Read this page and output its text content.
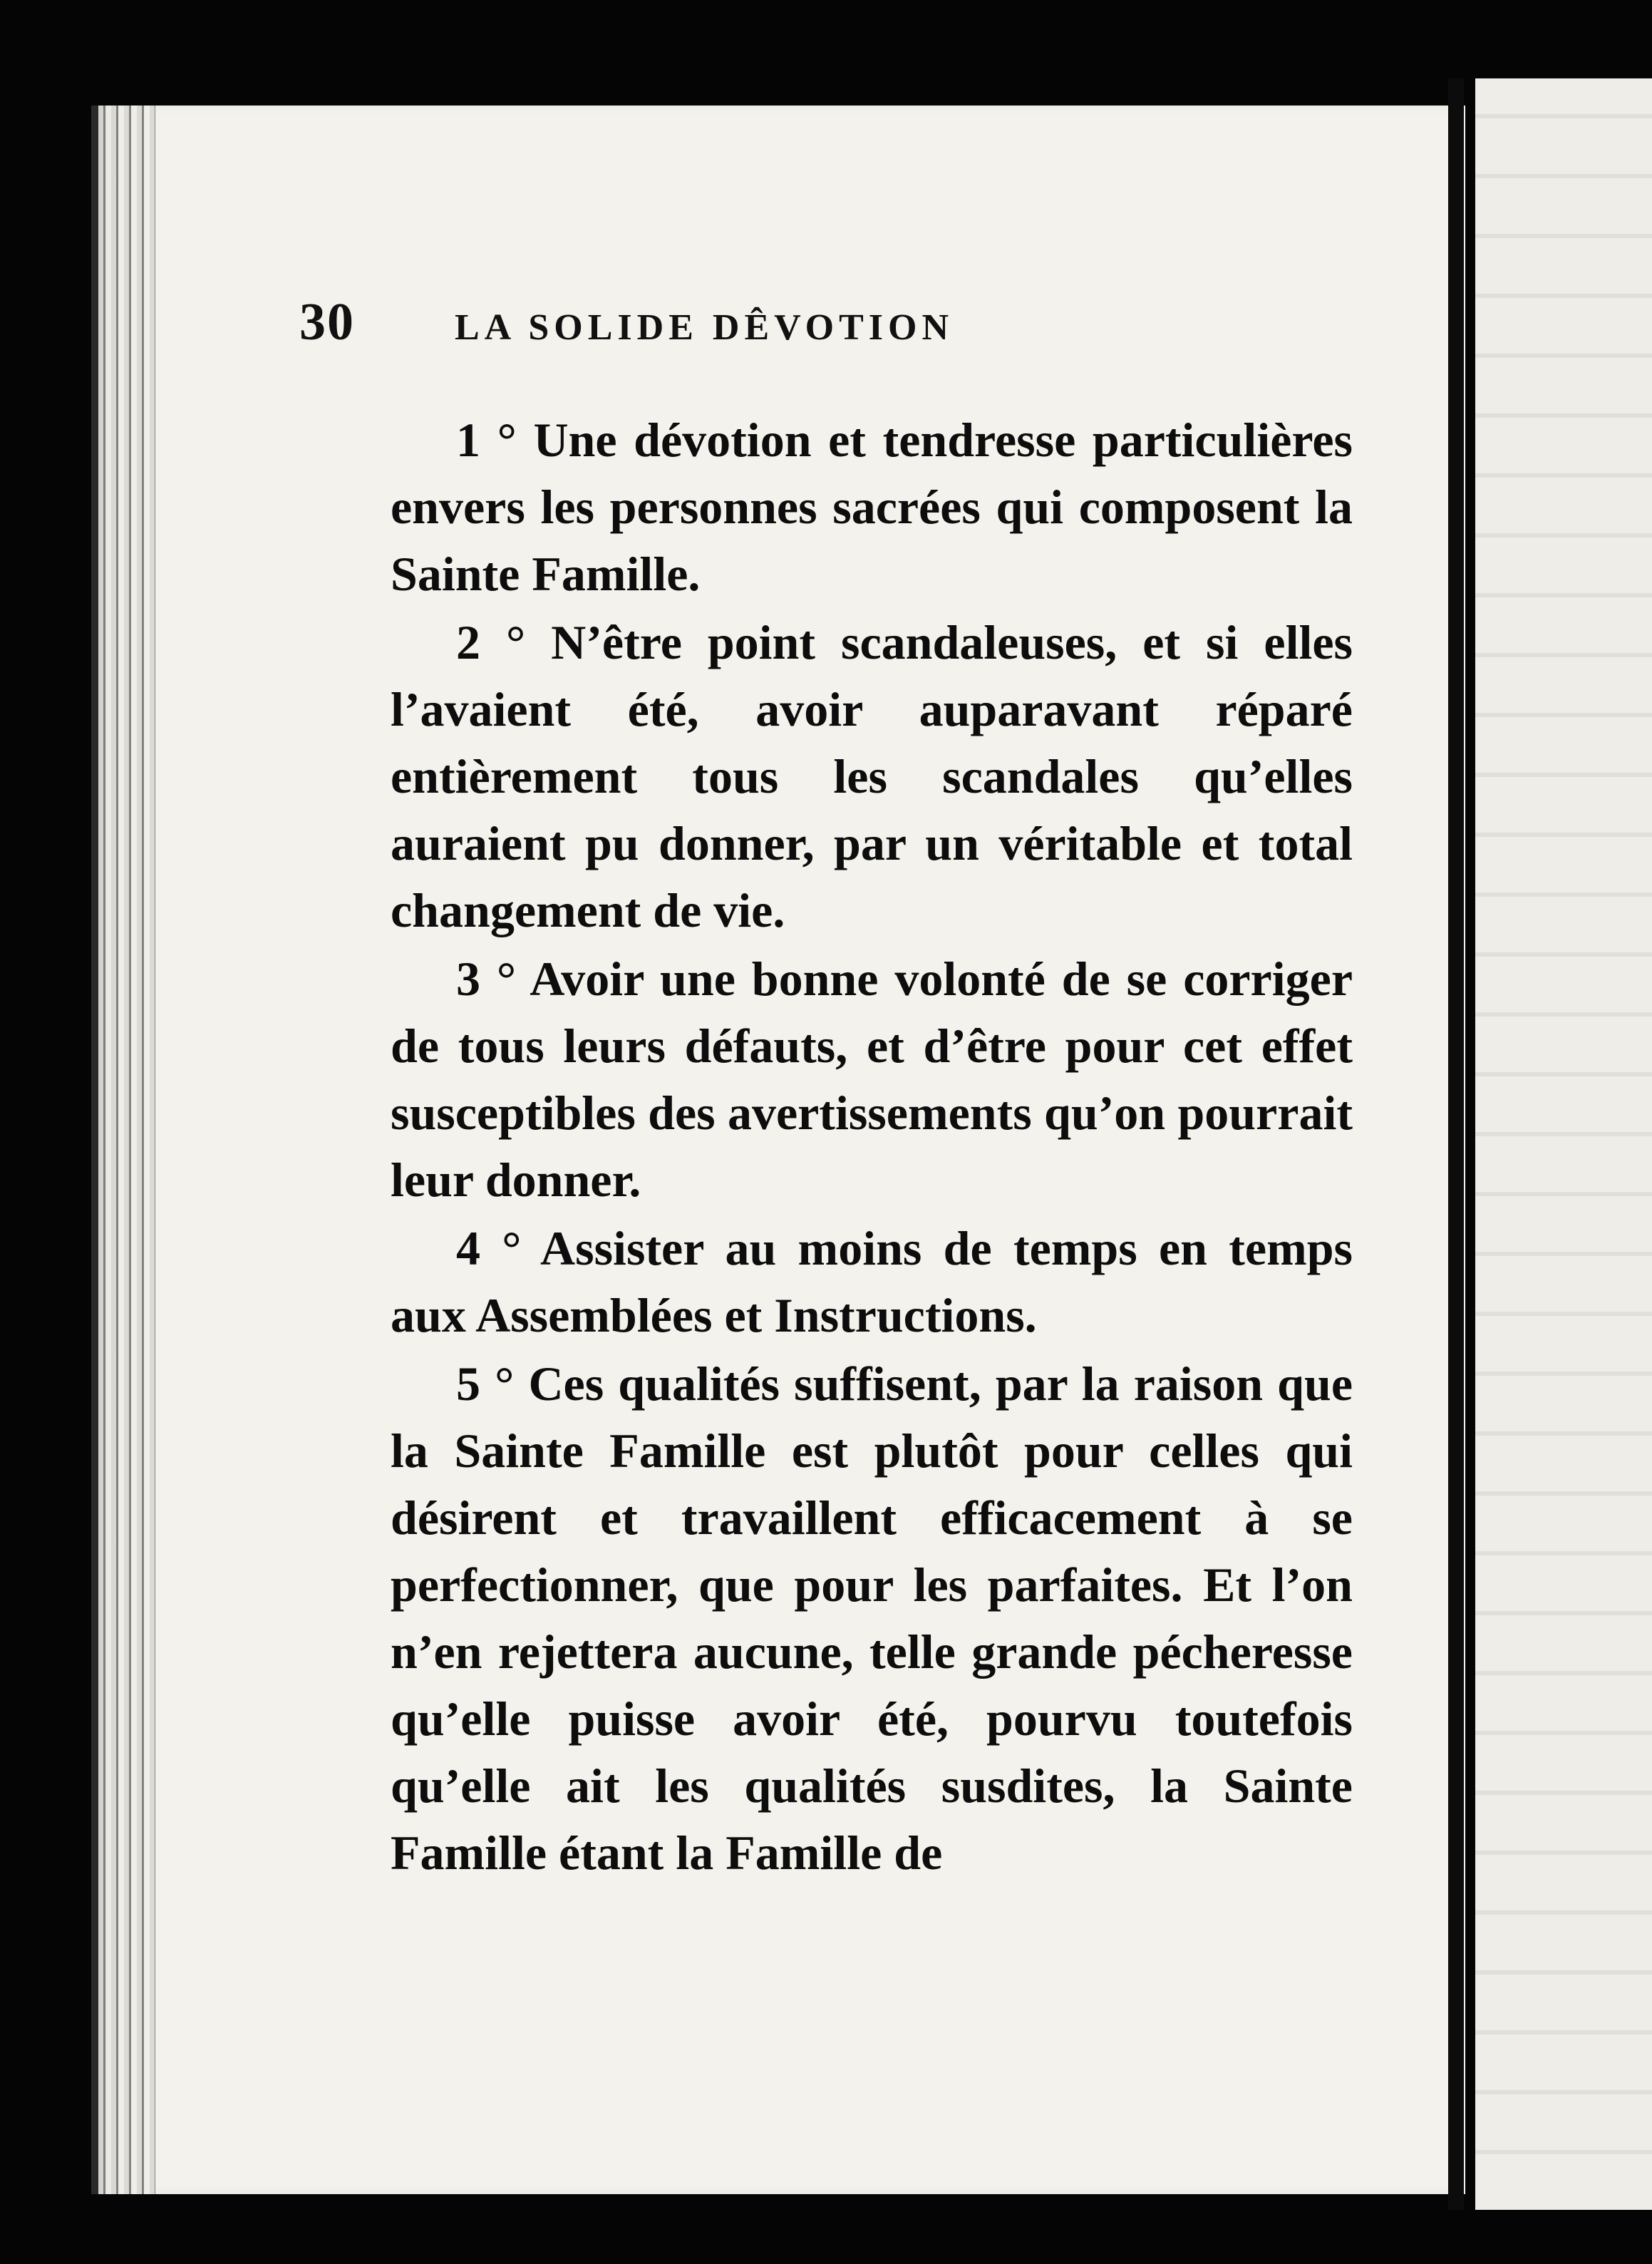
30	LA SOLIDE DÊVOTION

1 ° Une dévotion et tendresse particulières envers les personnes sacrées qui composent la Sainte Famille.

2 ° N’être point scandaleuses, et si elles l’avaient été, avoir auparavant réparé entièrement tous les scandales qu’elles auraient pu donner, par un véritable et total changement de vie.

3 ° Avoir une bonne volonté de se corriger de tous leurs défauts, et d’être pour cet effet susceptibles des avertissements qu’on pourrait leur donner.

4 ° Assister au moins de temps en temps aux Assemblées et Instructions.

5 ° Ces qualités suffisent, par la raison que la Sainte Famille est plutôt pour celles qui désirent et travaillent efficacement à se perfectionner, que pour les parfaites. Et l’on n’en rejettera aucune, telle grande pécheresse qu’elle puisse avoir été, pourvu toutefois qu’elle ait les qualités susdites, la Sainte Famille étant la Famille de
